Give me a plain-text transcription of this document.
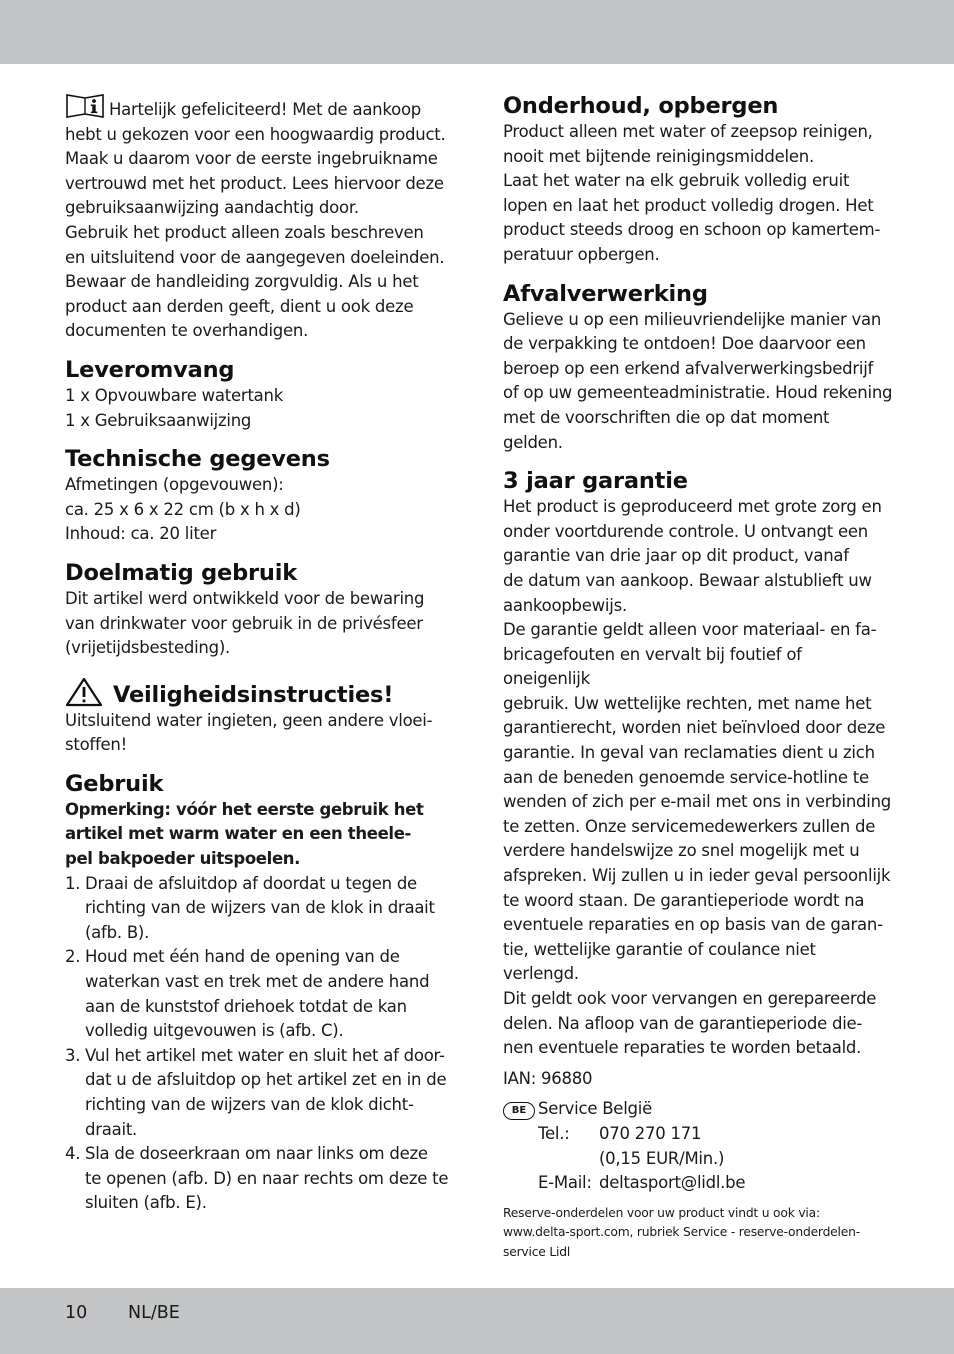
Hartelijk gefeliciteerd! Met de aankoop
hebt u gekozen voor een hoogwaardig product.
Maak u daarom voor de eerste ingebruikname
vertrouwd met het product. Lees hiervoor deze
gebruiksaanwijzing aandachtig door.
Gebruik het product alleen zoals beschreven
en uitsluitend voor de aangegeven doeleinden.
Bewaar de handleiding zorgvuldig. Als u het
product aan derden geeft, dient u ook deze
documenten te overhandigen.

Leveromvang

1 x Opvouwbare watertank
1 x Gebruiksaanwijzing

Technische gegevens

Afmetingen (opgevouwen):
ca. 25 x 6 x 22 cm (b x h x d)
Inhoud: ca. 20 liter

Doelmatig gebruik

Dit artikel werd ontwikkeld voor de bewaring
van drinkwater voor gebruik in de privésfeer
(vrijetijdsbesteding).

Veiligheidsinstructies!

Uitsluitend water ingieten, geen andere vloei-
stoffen!

Gebruik

Opmerking: vóór het eerste gebruik het
artikel met warm water en een theele-
pel bakpoeder uitspoelen.

1. Draai de afsluitdop af doordat u tegen de
richting van de wijzers van de klok in draait
(afb. B).
2. Houd met één hand de opening van de
waterkan vast en trek met de andere hand
aan de kunststof driehoek totdat de kan
volledig uitgevouwen is (afb. C).
3. Vul het artikel met water en sluit het af door-
dat u de afsluitdop op het artikel zet en in de
richting van de wijzers van de klok dicht-
draait.
4. Sla de doseerkraan om naar links om deze
te openen (afb. D) en naar rechts om deze te
sluiten (afb. E).
Onderhoud, opbergen

Product alleen met water of zeepsop reinigen,
nooit met bijtende reinigingsmiddelen.
Laat het water na elk gebruik volledig eruit
lopen en laat het product volledig drogen. Het
product steeds droog en schoon op kamertem-
peratuur opbergen.

Afvalverwerking

Gelieve u op een milieuvriendelijke manier van
de verpakking te ontdoen! Doe daarvoor een
beroep op een erkend afvalverwerkingsbedrijf
of op uw gemeenteadministratie. Houd rekening
met de voorschriften die op dat moment gelden.

3 jaar garantie

Het product is geproduceerd met grote zorg en
onder voortdurende controle. U ontvangt een
garantie van drie jaar op dit product, vanaf
de datum van aankoop. Bewaar alstublieft uw
aankoopbewijs.
De garantie geldt alleen voor materiaal- en fa-
bricagefouten en vervalt bij foutief of oneigenlijk
gebruik. Uw wettelijke rechten, met name het
garantierecht, worden niet beïnvloed door deze
garantie. In geval van reclamaties dient u zich
aan de beneden genoemde service-hotline te
wenden of zich per e-mail met ons in verbinding
te zetten. Onze servicemedewerkers zullen de
verdere handelswijze zo snel mogelijk met u
afspreken. Wij zullen u in ieder geval persoonlijk
te woord staan. De garantieperiode wordt na
eventuele reparaties en op basis van de garan-
tie, wettelijke garantie of coulance niet verlengd.
Dit geldt ook voor vervangen en gerepareerde
delen. Na afloop van de garantieperiode die-
nen eventuele reparaties te worden betaald.

IAN: 96880

BE Service België
Tel.: 070 270 171
(0,15 EUR/Min.)
E-Mail: deltasport@lidl.be

Reserve-onderdelen voor uw product vindt u ook via:
www.delta-sport.com, rubriek Service - reserve-onderdelen-
service Lidl

10 NL/BE
